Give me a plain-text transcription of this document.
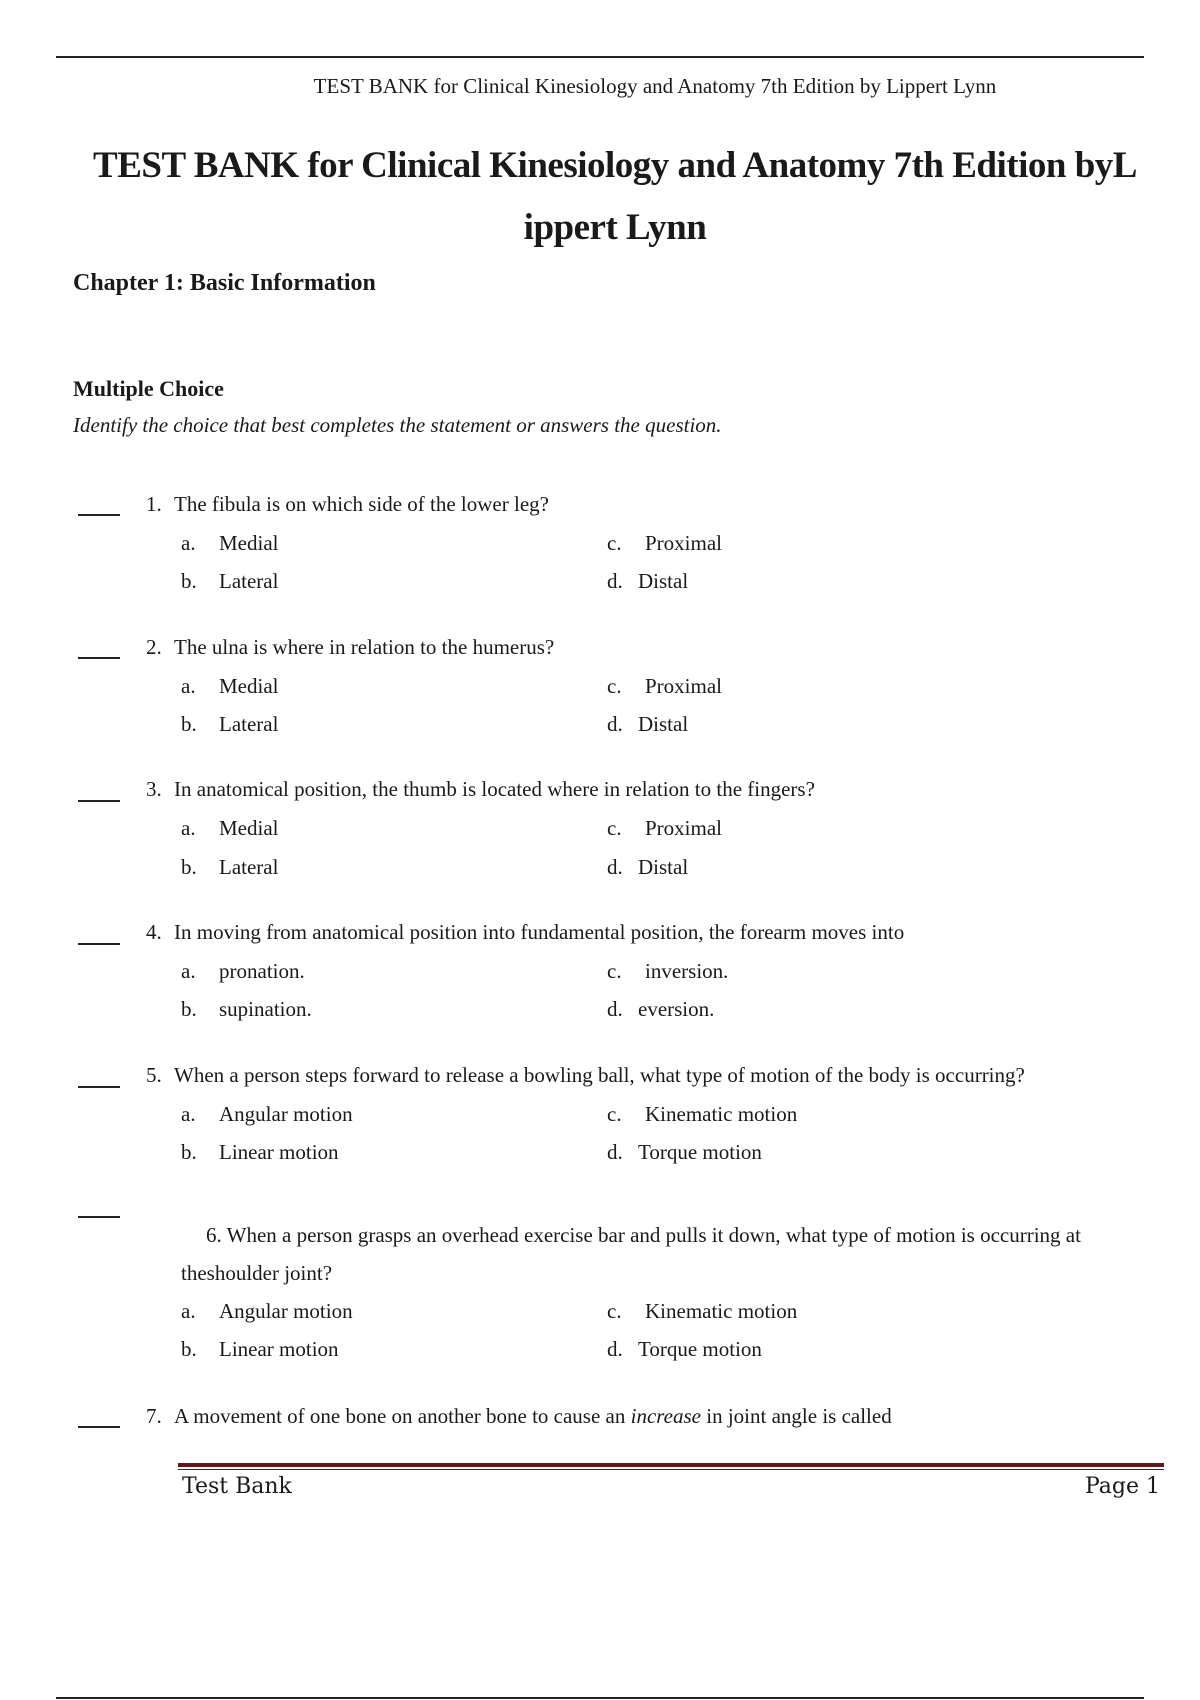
TEST BANK for Clinical Kinesiology and Anatomy 7th Edition by Lippert Lynn
TEST BANK for Clinical Kinesiology and Anatomy 7th Edition byL
ippert Lynn
Chapter 1: Basic Information
Multiple Choice
Identify the choice that best completes the statement or answers the question.
1. The fibula is on which side of the lower leg?
a. Medial
b. Lateral
c. Proximal
d. Distal
2. The ulna is where in relation to the humerus?
a. Medial
b. Lateral
c. Proximal
d. Distal
3. In anatomical position, the thumb is located where in relation to the fingers?
a. Medial
b. Lateral
c. Proximal
d. Distal
4. In moving from anatomical position into fundamental position, the forearm moves into
a. pronation.
b. supination.
c. inversion.
d. eversion.
5. When a person steps forward to release a bowling ball, what type of motion of the body is occurring?
a. Angular motion
b. Linear motion
c. Kinematic motion
d. Torque motion
6. When a person grasps an overhead exercise bar and pulls it down, what type of motion is occurring at theshoulder joint?
a. Angular motion
b. Linear motion
c. Kinematic motion
d. Torque motion
7. A movement of one bone on another bone to cause an increase in joint angle is called
Test Bank	Page 1
